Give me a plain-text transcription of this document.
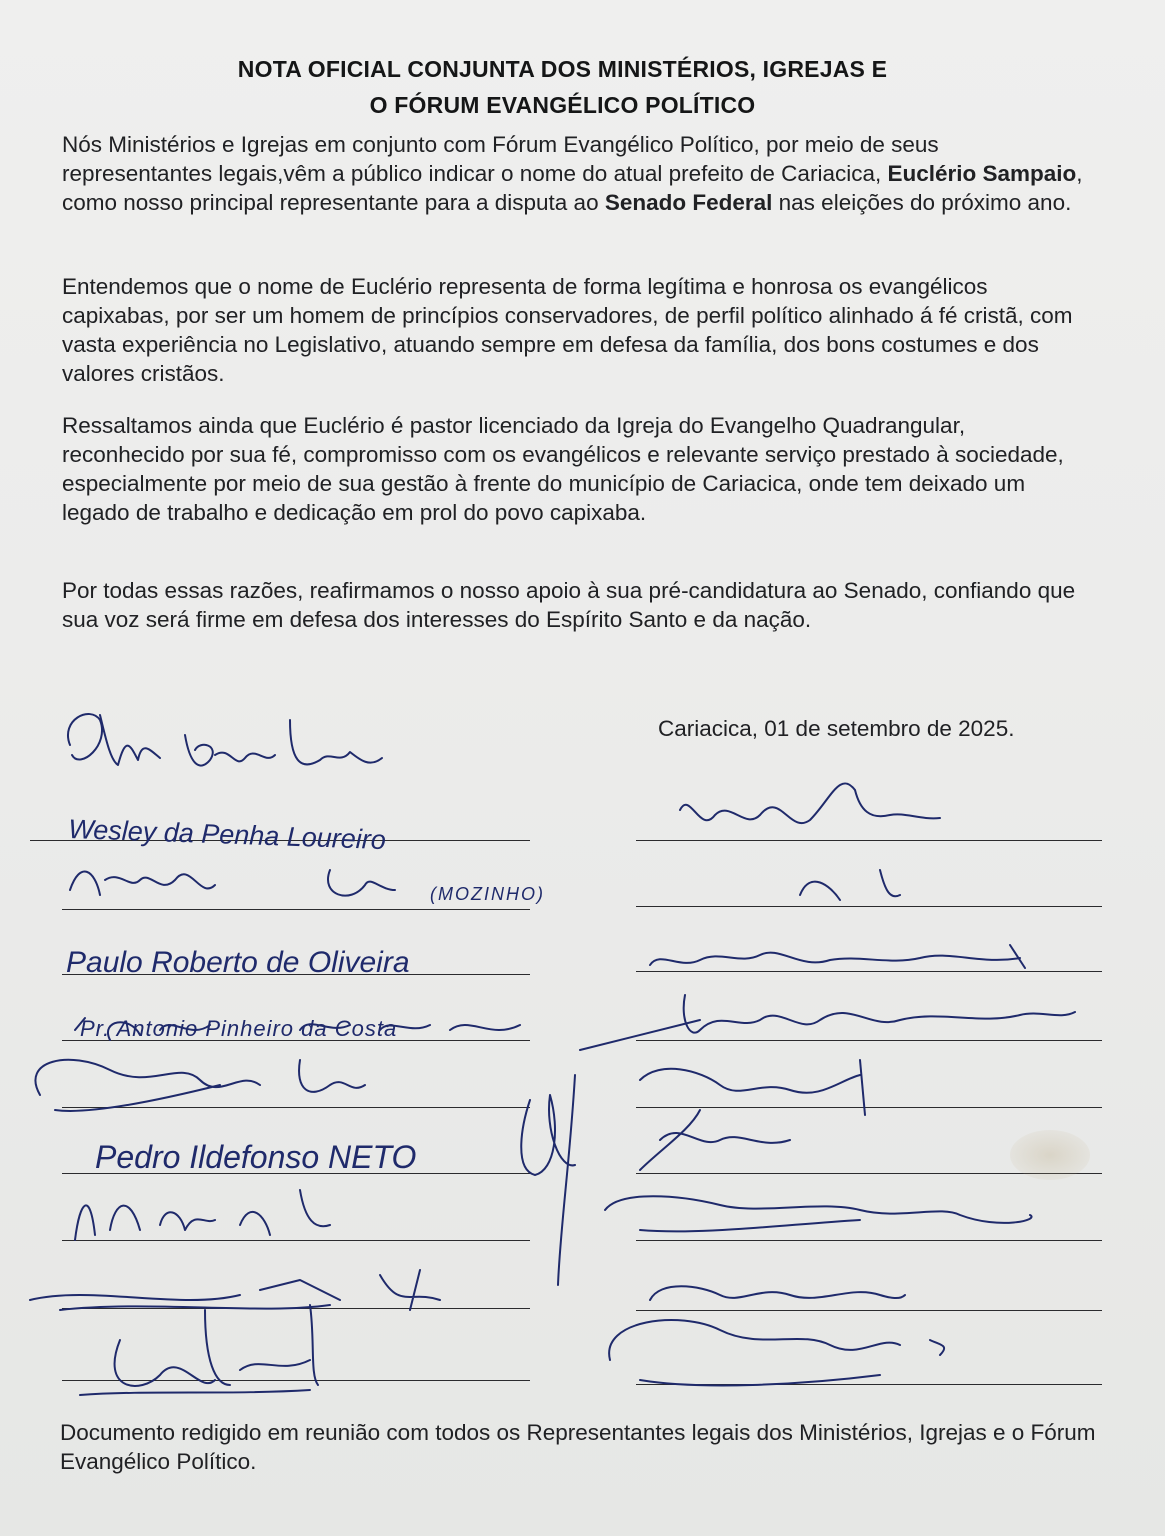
NOTA OFICIAL CONJUNTA DOS MINISTÉRIOS, IGREJAS E
O FÓRUM EVANGÉLICO POLÍTICO
Nós Ministérios e Igrejas em conjunto com Fórum Evangélico Político, por meio de seus representantes legais,vêm a público indicar o nome do atual prefeito de Cariacica, Euclério Sampaio, como nosso principal representante para a disputa ao Senado Federal nas eleições do próximo ano.
Entendemos que o nome de Euclério representa de forma legítima e honrosa os evangélicos capixabas, por ser um homem de princípios conservadores, de perfil político alinhado á fé cristã, com vasta experiência no Legislativo, atuando sempre em defesa da família, dos bons costumes e dos valores cristãos.
Ressaltamos ainda que Euclério é pastor licenciado da Igreja do Evangelho Quadrangular, reconhecido por sua fé, compromisso com os evangélicos e relevante serviço prestado à sociedade, especialmente por meio de sua gestão à frente do município de Cariacica, onde tem deixado um legado de trabalho e dedicação em prol do povo capixaba.
Por todas essas razões, reafirmamos o nosso apoio à sua pré-candidatura ao Senado, confiando que sua voz será firme em defesa dos interesses do Espírito Santo e da nação.
Cariacica, 01 de setembro de 2025.
Wesley da Penha Loureiro
(MOZINHO)
Paulo Roberto de Oliveira
Pr. Antonio Pinheiro da Costa
Pedro Ildefonso NETO
Documento redigido em reunião com todos os Representantes legais dos Ministérios, Igrejas e o Fórum Evangélico Político.
